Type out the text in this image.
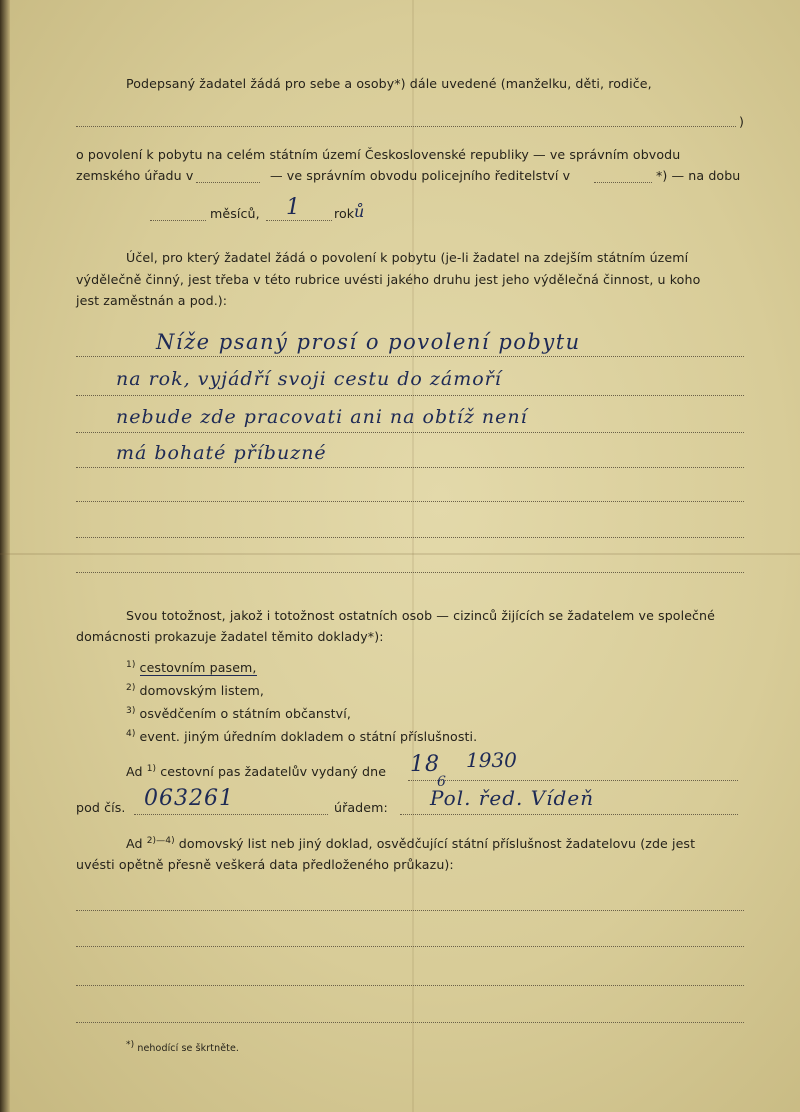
Podepsaný žadatel žádá pro sebe a osoby*) dále uvedené (manželku, děti, rodiče,
)
o povolení k pobytu na celém státním území Československé republiky — ve správním obvodu
zemského úřadu v	— ve správním obvodu policejního ředitelství v	*) — na dobu
měsíců, 1	rok ů
Účel, pro který žadatel žádá o povolení k pobytu (je-li žadatel na zdejším státním území
výdělečně činný, jest třeba v této rubrice uvésti jakého druhu jest jeho výdělečná činnost, u koho
jest zaměstnán a pod.):
Níže psaný prosí o povolení pobytu
na rok, vyjádří svoji cestu do zámoří
nebude zde pracovati ani na obtíž není
má bohaté příbuzné
Svou totožnost, jakož i totožnost ostatních osob — cizinců žijících se žadatelem ve společné
domácnosti prokazuje žadatel těmito doklady*):
$^{1)}$ cestovním pasem,
$^{2)}$ domovským listem,
$^{3)}$ osvědčením o státním občanství,
$^{4)}$ event. jiným úředním dokladem o státní příslušnosti.
Ad $^{1)}$ cestovní pas žadatelův vydaný dne 18
6
1930
pod čís. 063261	úřadem: Pol. řed. Vídeň
Ad $^{2)—4)}$ domovský list neb jiný doklad, osvědčující státní příslušnost žadatelovu (zde jest
uvésti opětně přesně veškerá data předloženého průkazu):
*) nehodící se škrtněte.
